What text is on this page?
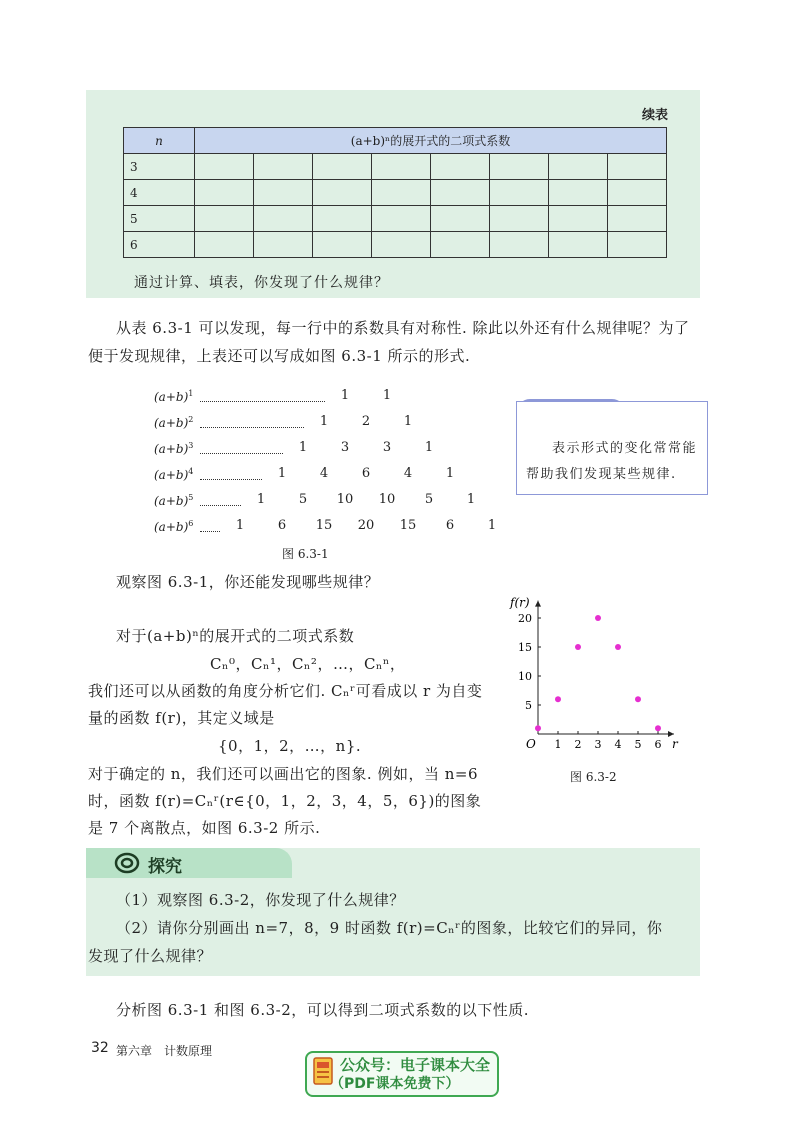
续表
n	(a+b)ⁿ的展开式的二项式系数							
3								
4								
5								
6								
通过计算、填表，你发现了什么规律？
从表 6.3-1 可以发现，每一行中的系数具有对称性. 除此以外还有什么规律呢？为了
便于发现规律，上表还可以写成如图 6.3-1 所示的形式.
$(a+b)^1$	1	1
$(a+b)^2$	1	2	1
$(a+b)^3$	1	3	3	1
$(a+b)^4$	1	4	6	4	1
$(a+b)^5$	1	5	10	10	5	1
$(a+b)^6$	1	6	15	20	15	6	1
图 6.3-1
表示形式的变化常常能帮助我们发现某些规律.
观察图 6.3-1，你还能发现哪些规律？
对于(a+b)ⁿ的展开式的二项式系数
Cₙ⁰，Cₙ¹，Cₙ²，…，Cₙⁿ，
我们还可以从函数的角度分析它们. Cₙʳ可看成以 r 为自变
量的函数 f(r)，其定义域是
{0，1，2，…，n}.
对于确定的 n，我们还可以画出它的图象. 例如，当 n=6
时，函数 f(r)=Cₙʳ(r∈{0，1，2，3，4，5，6})的图象
是 7 个离散点，如图 6.3-2 所示.
1 2 3 4 5 6
5
10
15
20
O	r
f(r)
图 6.3-2
探究
（1）观察图 6.3-2，你发现了什么规律？
（2）请你分别画出 n=7，8，9 时函数 f(r)=Cₙʳ的图象，比较它们的异同，你
发现了什么规律？
分析图 6.3-1 和图 6.3-2，可以得到二项式系数的以下性质.
32 第六章　计数原理
公众号：电子课本大全
（PDF课本免费下）
